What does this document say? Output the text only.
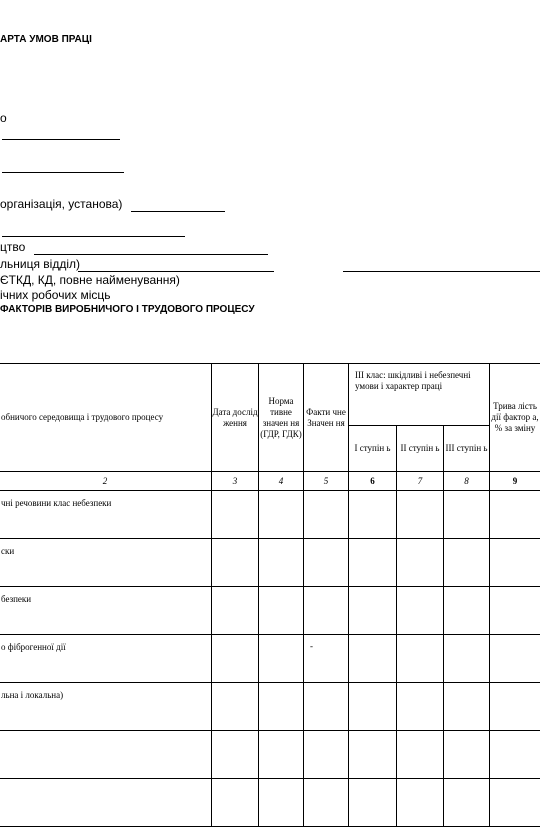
АРТА УМОВ ПРАЦІ
о
організація, установа)
цтво
льниця відділ)
ЄТКД, КД, повне найменування)
ічних робочих місць
ФАКТОРІВ ВИРОБНИЧОГО І ТРУДОВОГО ПРОЦЕСУ
обничого середовища і трудового процесу	Дата дослід ження	Норма тивне значен ня (ГДР, ГДК)	Факти чне Значен ня	III клас: шкідливі і небезпечні умови і характер праці			Трива лість дії фактор а, % за зміну
				І ступін ь	ІІ ступін ь	ІІІ ступін ь	
2	3	4	5	6	7	8	9
чні речовини клас небезпеки							
ски							
безпеки							
о фіброгенної дії			-				
льна і локальна)							
